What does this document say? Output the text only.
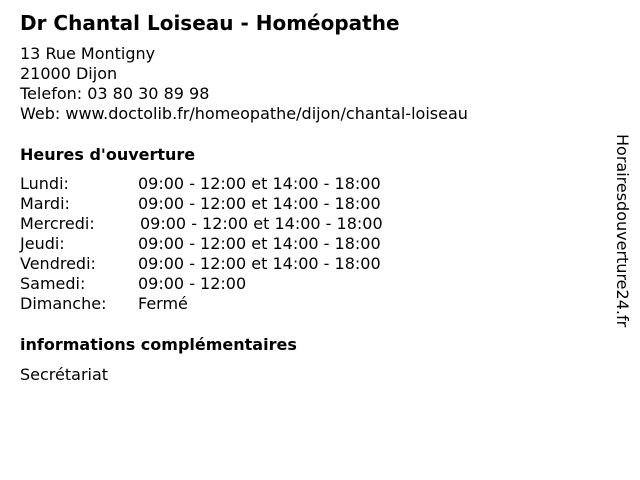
Dr Chantal Loiseau - Homéopathe
13 Rue Montigny
21000 Dijon
Telefon: 03 80 30 89 98
Web: www.doctolib.fr/homeopathe/dijon/chantal-loiseau
Heures d'ouverture
Lundi:	09:00 - 12:00 et 14:00 - 18:00
Mardi:	09:00 - 12:00 et 14:00 - 18:00
Mercredi:	09:00 - 12:00 et 14:00 - 18:00
Jeudi:	09:00 - 12:00 et 14:00 - 18:00
Vendredi:	09:00 - 12:00 et 14:00 - 18:00
Samedi:	09:00 - 12:00
Dimanche: Fermé
informations complémentaires
Secrétariat
Horairesdouverture24.fr
